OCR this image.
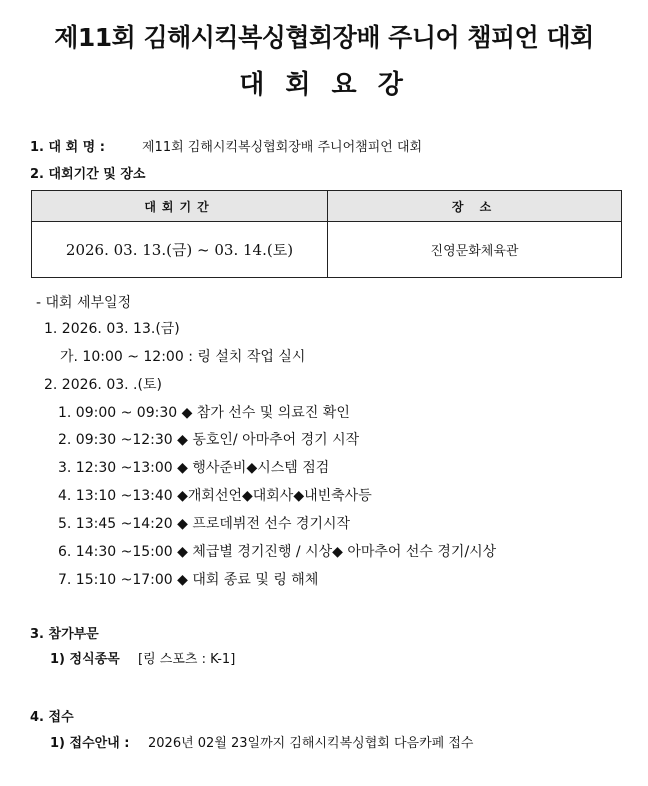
제11회 김해시킥복싱협회장배 주니어 챔피언 대회
대 회 요 강
1. 대 회 명 :	제11회 김해시킥복싱협회장배 주니어챔피언 대회
2. 대회기간 및 장소
대회기간	장 소
2026. 03. 13.(금) ~ 03. 14.(토)	진영문화체육관
- 대회 세부일정
1. 2026. 03. 13.(금)
가. 10:00 ~ 12:00 : 링 설치 작업 실시
2. 2026. 03. .(토)
1. 09:00 ~ 09:30 ◆ 참가 선수 및 의료진 확인
2. 09:30 ~12:30 ◆ 동호인/ 아마추어 경기 시작
3. 12:30 ~13:00 ◆ 행사준비◆시스템 점검
4. 13:10 ~13:40 ◆개회선언◆대회사◆내빈축사등
5. 13:45 ~14:20 ◆ 프로데뷔전 선수 경기시작
6. 14:30 ~15:00 ◆ 체급별 경기진행 / 시상◆ 아마추어 선수 경기/시상
7. 15:10 ~17:00 ◆ 대회 종료 및 링 해체
3. 참가부문
1) 정식종목 [링 스포츠 : K-1]
4. 접수
1) 접수안내 : 2026년 02월 23일까지 김해시킥복싱협회 다음카페 접수
